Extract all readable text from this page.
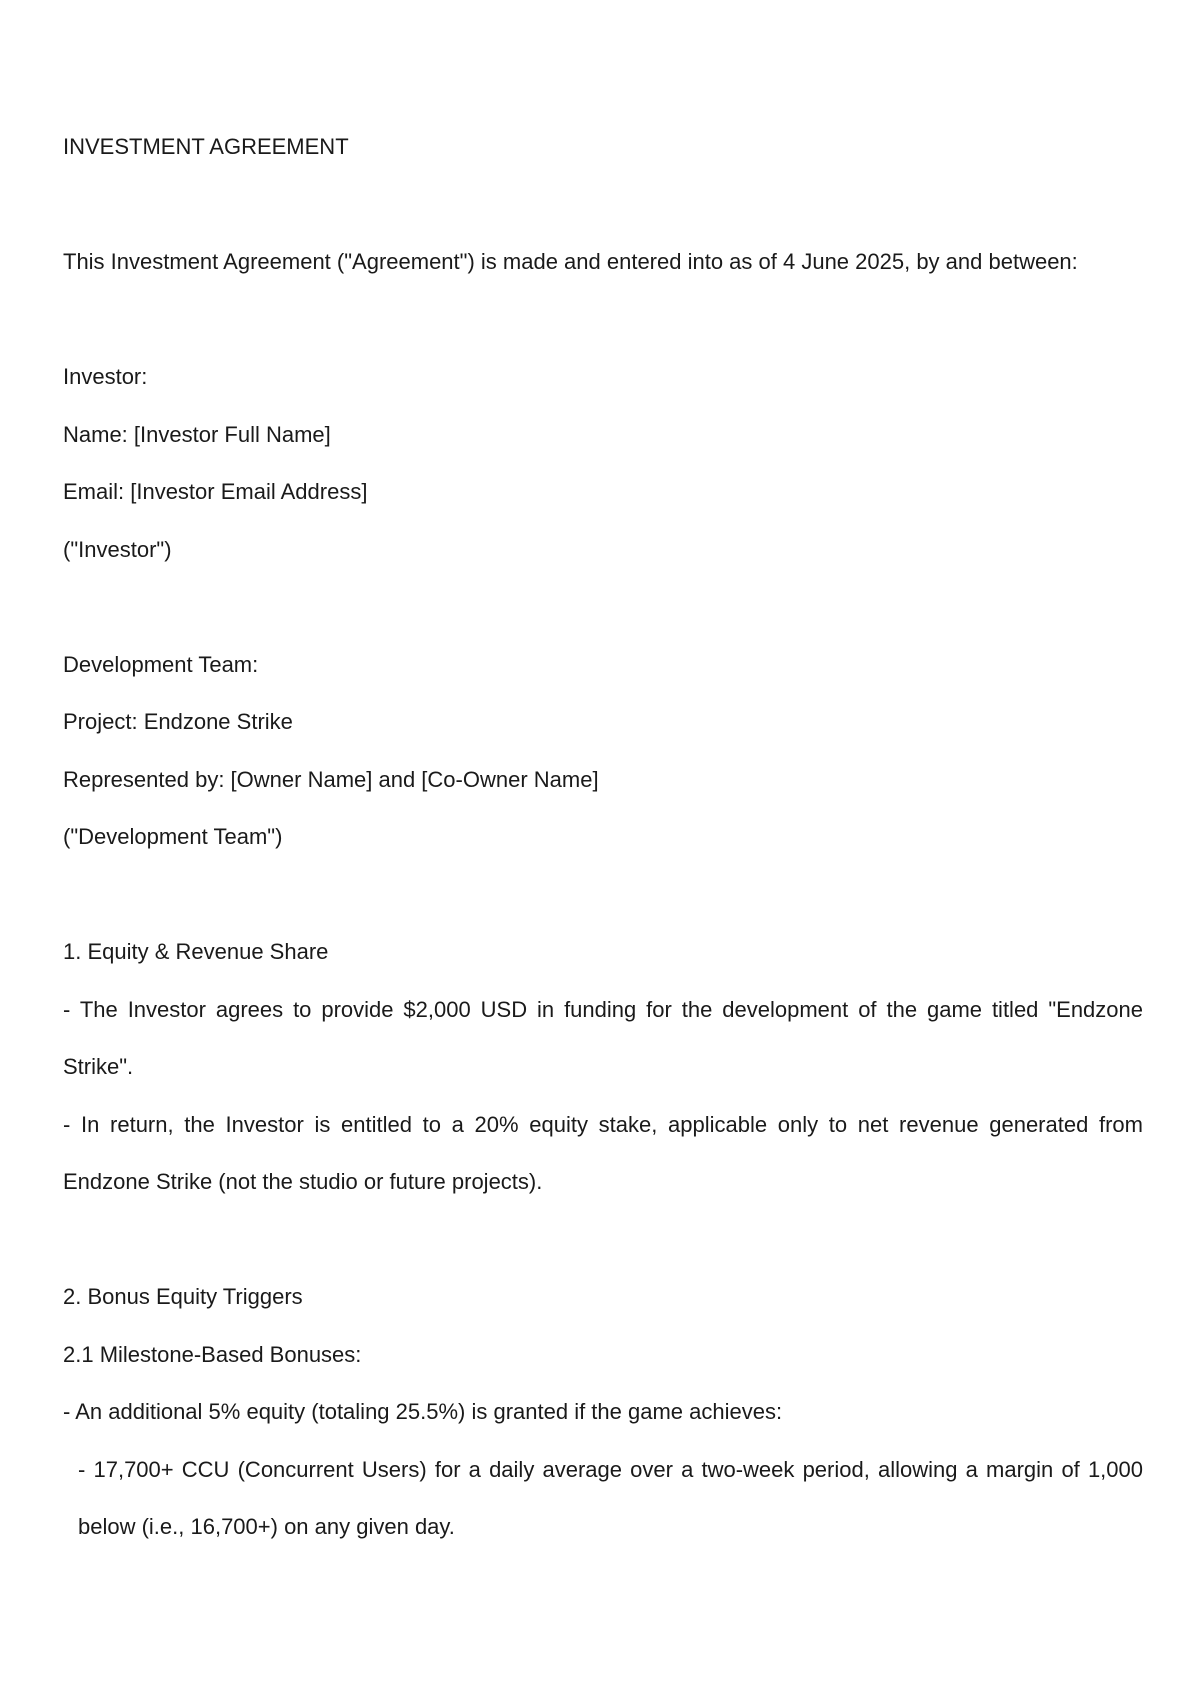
INVESTMENT AGREEMENT

This Investment Agreement ("Agreement") is made and entered into as of 4 June 2025, by and between:

Investor:

Name: [Investor Full Name]

Email: [Investor Email Address]

("Investor")

Development Team:

Project: Endzone Strike

Represented by: [Owner Name] and [Co-Owner Name]

("Development Team")

1. Equity & Revenue Share

- The Investor agrees to provide $2,000 USD in funding for the development of the game titled "Endzone Strike".

- In return, the Investor is entitled to a 20% equity stake, applicable only to net revenue generated from Endzone Strike (not the studio or future projects).

2. Bonus Equity Triggers

2.1 Milestone-Based Bonuses:

- An additional 5% equity (totaling 25.5%) is granted if the game achieves:

- 17,700+ CCU (Concurrent Users) for a daily average over a two-week period, allowing a margin of 1,000 below (i.e., 16,700+) on any given day.
